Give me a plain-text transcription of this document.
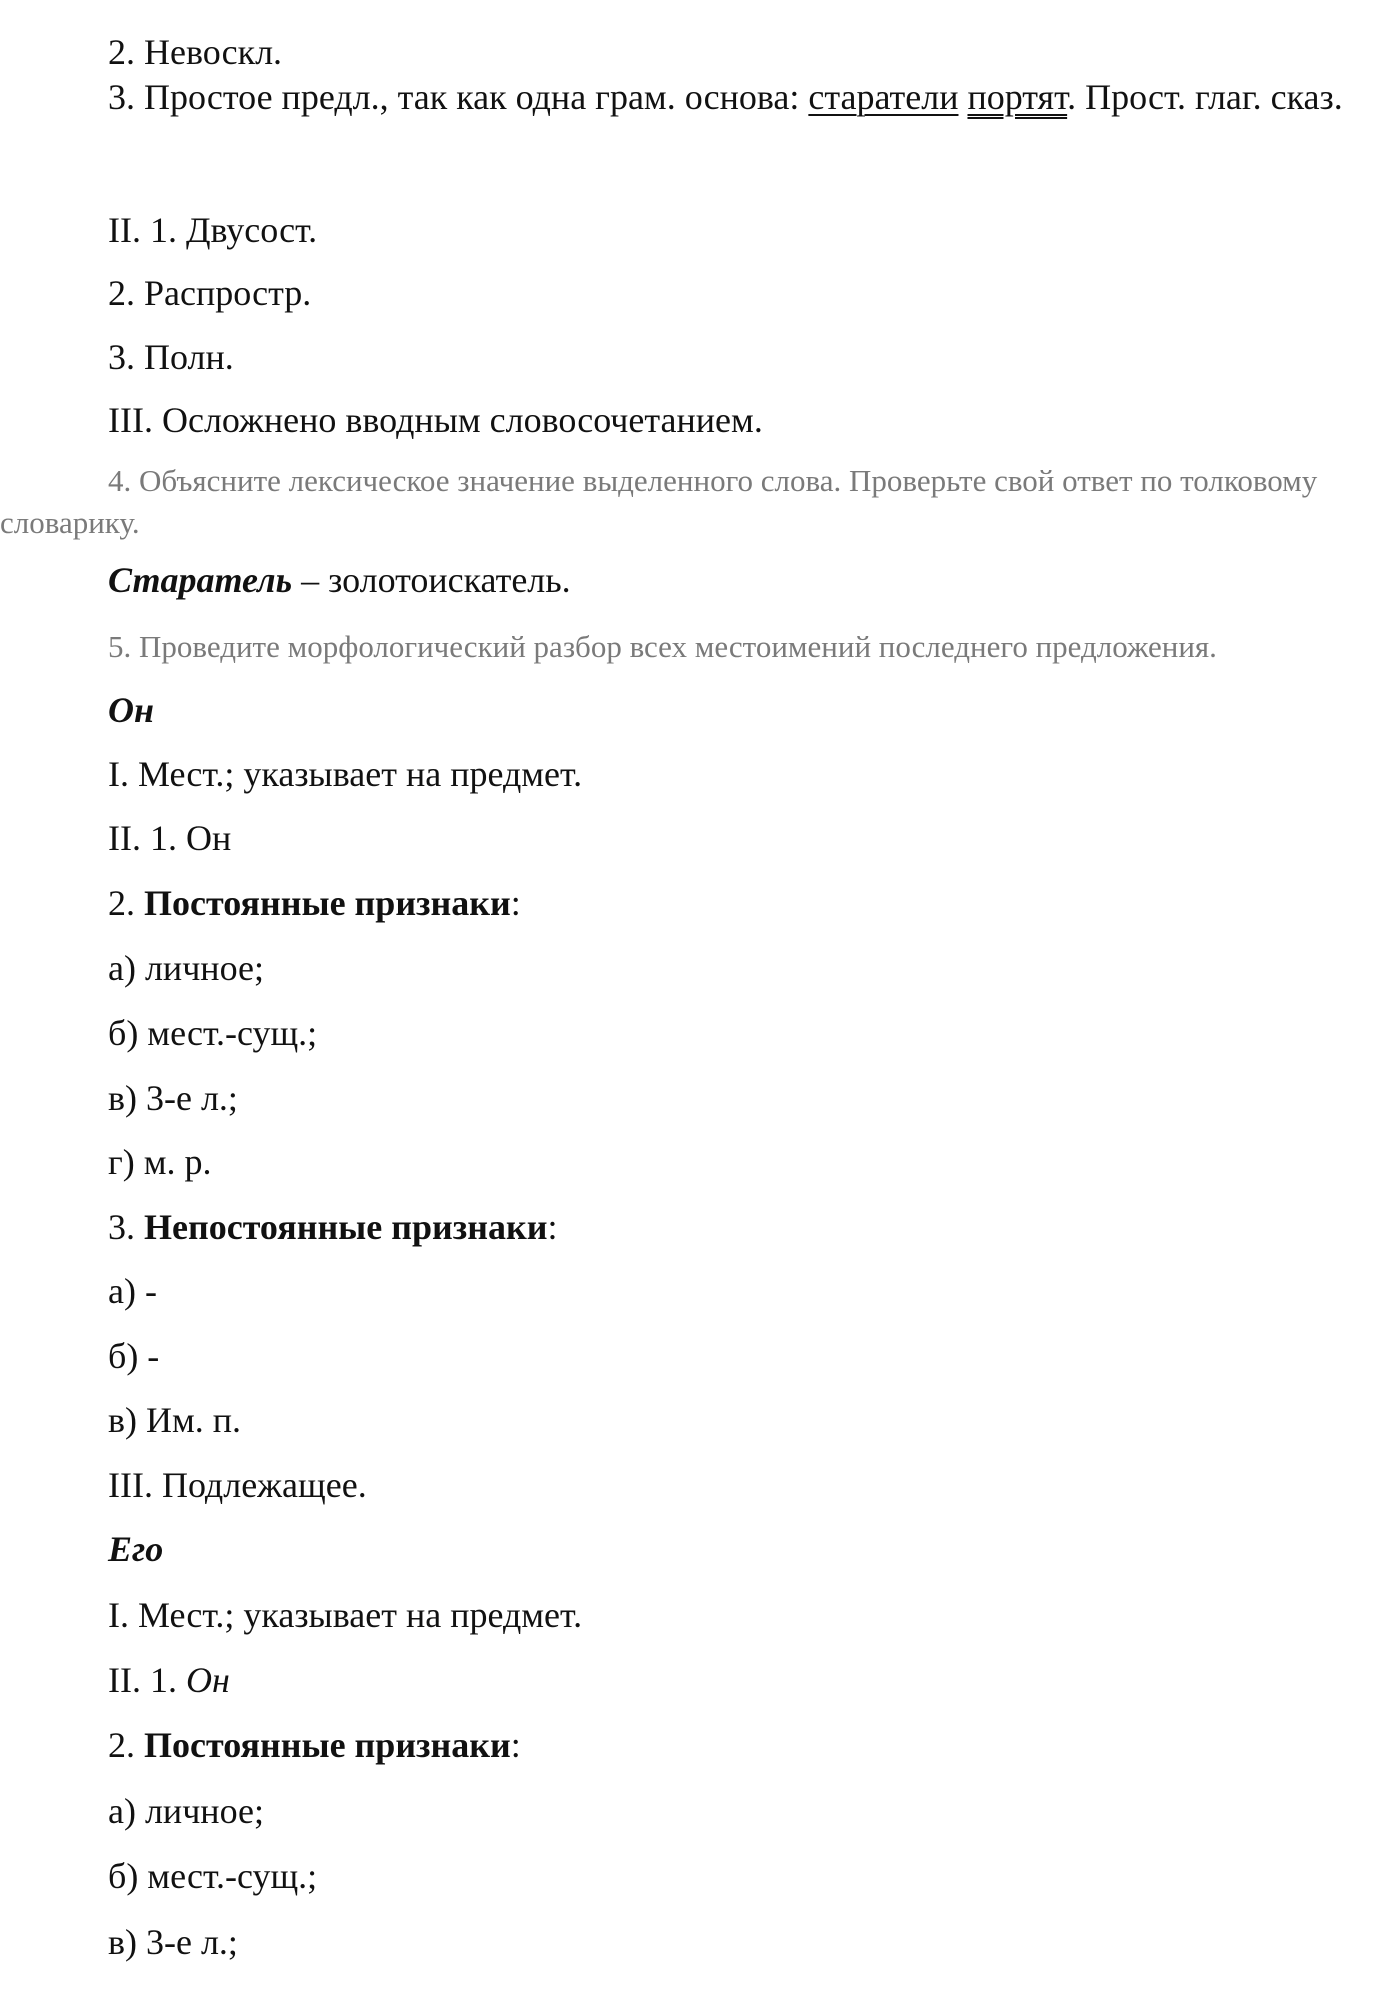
2. Невоскл.
3. Простое предл., так как одна грам. основа: старатели портят. Прост. глаг. сказ.
II. 1. Двусост.
2. Распростр.
3. Полн.
III. Осложнено вводным словосочетанием.
4. Объясните лексическое значение выделенного слова. Проверьте свой ответ по толковому словарику.
Старатель – золотоискатель.
5. Проведите морфологический разбор всех местоимений последнего предложения.
Он
I. Мест.; указывает на предмет.
II. 1. Он
2. Постоянные признаки:
а) личное;
б) мест.-сущ.;
в) 3-е л.;
г) м. р.
3. Непостоянные признаки:
а) -
б) -
в) Им. п.
III. Подлежащее.
Его
I. Мест.; указывает на предмет.
II. 1. Он
2. Постоянные признаки:
а) личное;
б) мест.-сущ.;
в) 3-е л.;
